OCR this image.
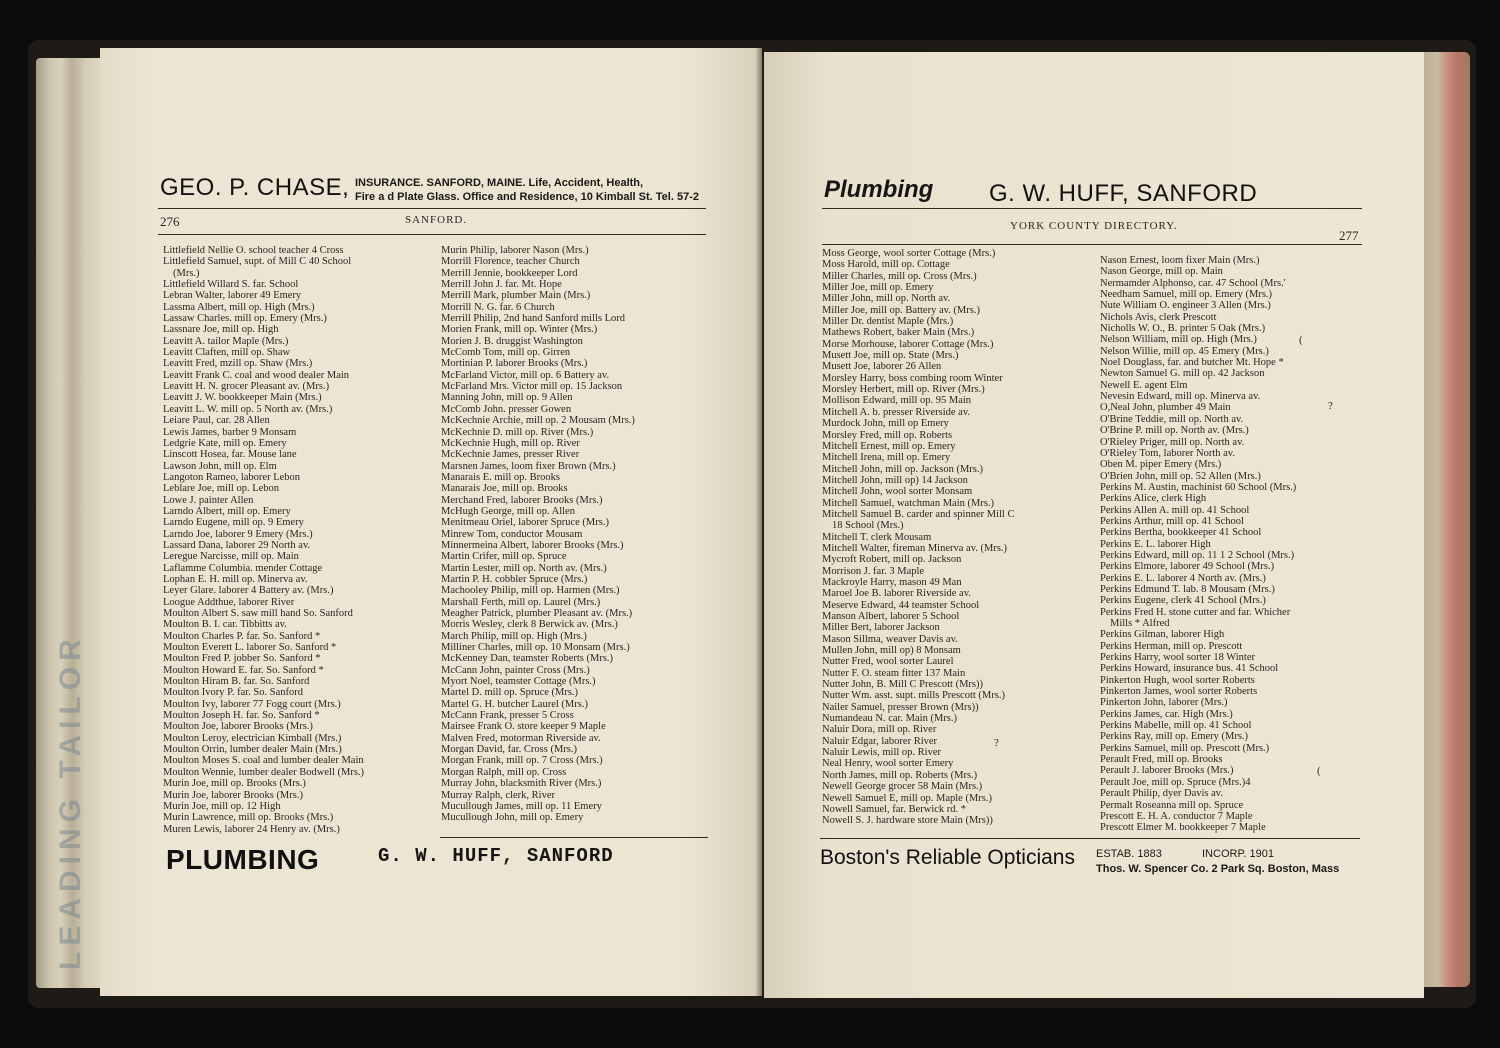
LEADING TAILOR
GEO. P. CHASE, INSURANCE. SANFORD, MAINE. Life, Accident, Health,
Fire a d Plate Glass. Office and Residence, 10 Kimball St. Tel. 57-2
276	SANFORD.
Littlefield Nellie O. school teacher 4 Cross
Littlefield Samuel, supt. of Mill C 40 School
(Mrs.)
Littlefield Willard S. far. School
Lebran Walter, laborer 49 Emery
Lassma Albert, mill op. High (Mrs.)
Lassaw Charles. mill op. Emery (Mrs.)
Lassnare Joe, mill op. High
Leavitt A. tailor Maple (Mrs.)
Leavitt Claften, mill op. Shaw
Leavitt Fred, mzill op. Shaw (Mrs.)
Leavitt Frank C. coal and wood dealer Main
Leavitt H. N. grocer Pleasant av. (Mrs.)
Leavitt J. W. bookkeeper Main (Mrs.)
Leavitt L. W. mill op. 5 North av. (Mrs.)
Leiare Paul, car. 28 Allen
Lewis James, barber 9 Monsam
Ledgrie Kate, mill op. Emery
Linscott Hosea, far. Mouse lane
Lawson John, mill op. Elm
Langoton Rameo, laborer Lebon
Leblare Joe, mill op. Lebon
Lowe J. painter Allen
Larndo Albert, mill op. Emery
Larndo Eugene, mill op. 9 Emery
Larndo Joe, laborer 9 Emery (Mrs.)
Lassard Dana, laborer 29 North av.
Leregue Narcisse, mill op. Main
Laflamme Columbia. mender Cottage
Lophan E. H. mill op. Minerva av.
Leyer Glare. laborer 4 Battery av. (Mrs.)
Loogue Addthue, laborer River
Moulton Albert S. saw mill hand So. Sanford
Moulton B. I. car. Tibbitts av.
Moulton Charles P. far. So. Sanford *
Moulton Everett L. laborer So. Sanford *
Moulton Fred P. jobber So. Sanford *
Moulton Howard E. far. So. Sanford *
Moulton Hiram B. far. So. Sanford
Moulton Ivory P. far. So. Sanford
Moulton Ivy, laborer 77 Fogg court (Mrs.)
Moulton Joseph H. far. So. Sanford *
Moulton Joe, laborer Brooks (Mrs.)
Moulton Leroy, electrician Kimball (Mrs.)
Moulton Orrin, lumber dealer Main (Mrs.)
Moulton Moses S. coal and lumber dealer Main
Moulton Wennie, lumber dealer Bodwell (Mrs.)
Murin Joe, mill op. Brooks (Mrs.)
Murin Joe, laborer Brooks (Mrs.)
Murin Joe, mill op. 12 High
Murin Lawrence, mill op. Brooks (Mrs.)
Muren Lewis, laborer 24 Henry av. (Mrs.)
Murin Philip, laborer Nason (Mrs.)
Morrill Florence, teacher Church
Merrill Jennie, bookkeeper Lord
Merrill John J. far. Mt. Hope
Merrill Mark, plumber Main (Mrs.)
Morrill N. G. far. 6 Church
Merrill Philip, 2nd hand Sanford mills Lord
Morien Frank, mill op. Winter (Mrs.)
Morien J. B. druggist Washington
McComb Tom, mill op. Girren
Mortinian P. laborer Brooks (Mrs.)
McFarland Victor, mill op. 6 Battery av.
McFarland Mrs. Victor mill op. 15 Jackson
Manning John, mill op. 9 Allen
McComb John. presser Gowen
McKechnie Archie, mill op. 2 Mousam (Mrs.)
McKechnie D. mill op. River (Mrs.)
McKechnie Hugh, mill op. River
McKechnie James, presser River
Marsnen James, loom fixer Brown (Mrs.)
Manarais E. mill op. Brooks
Manarais Joe, mill op. Brooks
Merchand Fred, laborer Brooks (Mrs.)
McHugh George, mill op. Allen
Menitmeau Oriel, laborer Spruce (Mrs.)
Minrew Tom, conductor Mousam
Minnermeina Albert, laborer Brooks (Mrs.)
Martin Crifer, mill op. Spruce
Martin Lester, mill op. North av. (Mrs.)
Martin P. H. cobbler Spruce (Mrs.)
Machooley Philip, mill op. Harmen (Mrs.)
Marshall Ferth, mill op. Laurel (Mrs.)
Meagher Patrick, plumber Pleasant av. (Mrs.)
Morris Wesley, clerk 8 Berwick av. (Mrs.)
March Philip, mill op. High (Mrs.)
Milliner Charles, mill op. 10 Monsam (Mrs.)
McKenney Dan, teamster Roberts (Mrs.)
McCann John, painter Cross (Mrs.)
Myort Noel, teamster Cottage (Mrs.)
Martel D. mill op. Spruce (Mrs.)
Martel G. H. butcher Laurel (Mrs.)
McCann Frank, presser 5 Cross
Mairsee Frank O. store keeper 9 Maple
Malven Fred, motorman Riverside av.
Morgan David, far. Cross (Mrs.)
Morgan Frank, mill op. 7 Cross (Mrs.)
Morgan Ralph, mill op. Cross
Murray John, blacksmith River (Mrs.)
Murray Ralph, clerk, River
Mucullough James, mill op. 11 Emery
Mucullough John, mill op. Emery
PLUMBING	G. W. HUFF, SANFORD
Plumbing G. W. HUFF, SANFORD
YORK COUNTY DIRECTORY.
277
Moss George, wool sorter Cottage (Mrs.)
Moss Harold, mill op. Cottage
Miller Charles, mill op. Cross (Mrs.)
Miller Joe, mill op. Emery
Miller John, mill op. North av.
Miller Joe, mill op. Battery av. (Mrs.)
Miller Dr. dentist Maple (Mrs.)
Mathews Robert, baker Main (Mrs.)
Morse Morhouse, laborer Cottage (Mrs.)
Musett Joe, mill op. State (Mrs.)
Musett Joe, laborer 26 Allen
Morsley Harry, boss combing room Winter
Morsley Herbert, mill op. River (Mrs.)
Mollison Edward, mill op. 95 Main
Mitchell A. b. presser Riverside av.
Murdock John, mill op Emery
Morsley Fred, mill op. Roberts
Mitchell Ernest, mill op. Emery
Mitchell Irena, mill op. Emery
Mitchell John, mill op. Jackson (Mrs.)
Mitchell John, mill op) 14 Jackson
Mitchell John, wool sorter Monsam
Mitchell Samuel, watchman Main (Mrs.)
Mitchell Samuel B. carder and spinner Mill C
18 School (Mrs.)
Mitchell T. clerk Mousam
Mitchell Walter, fireman Minerva av. (Mrs.)
Mycroft Robert, mill op. Jackson
Morrison J. far. 3 Maple
Mackroyle Harry, mason 49 Man
Maroel Joe B. laborer Riverside av.
Meserve Edward, 44 teamster School
Manson Albert, laborer 5 School
Miller Bert, laborer Jackson
Mason Sillma, weaver Davis av.
Mullen John, mill op) 8 Monsam
Nutter Fred, wool sorter Laurel
Nutter F. O. steam fitter 137 Main
Nutter John, B. Mill C Prescott (Mrs))
Nutter Wm. asst. supt. mills Prescott (Mrs.)
Nailer Samuel, presser Brown (Mrs))
Numandeau N. car. Main (Mrs.)
Naluir Dora, mill op. River
Naluir Edgar, laborer River
Naluir Lewis, mill op. River
Neal Henry, wool sorter Emery
North James, mill op. Roberts (Mrs.)
Newell George grocer 58 Main (Mrs.)
Newell Samuel E, mill op. Maple (Mrs.)
Nowell Samuel, far. Berwick rd. *
Nowell S. J. hardware store Main (Mrs))
Nason Ernest, loom fixer Main (Mrs.)
Nason George, mill op. Main
Nermamder Alphonso, car. 47 School (Mrs.'
Needham Samuel, mill op. Emery (Mrs.)
Nute William O. engineer 3 Allen (Mrs.)
Nichols Avis, clerk Prescott
Nicholls W. O., B. printer 5 Oak (Mrs.)
Nelson William, mill op. High (Mrs.)
Nelson Willie, mill op. 45 Emery (Mrs.)
Noel Douglass, far. and butcher Mt. Hope *
Newton Samuel G. mill op. 42 Jackson
Newell E. agent Elm
Nevesin Edward, mill op. Minerva av.
O,Neal John, plumber 49 Main
O'Brine Teddie, mill op. North av.
O'Brine P. mill op. North av. (Mrs.)
O'Rieley Priger, mill op. North av.
O'Rieley Tom, laborer North av.
Oben M. piper Emery (Mrs.)
O'Brien John, mill op. 52 Allen (Mrs.)
Perkins M. Austin, machinist 60 School (Mrs.)
Perkins Alice, clerk High
Perkins Allen A. mill op. 41 School
Perkins Arthur, mill op. 41 School
Perkins Bertha, bookkeeper 41 School
Perkins E. L. laborer High
Perkins Edward, mill op. 11 1 2 School (Mrs.)
Perkins Elmore, laborer 49 School (Mrs.)
Perkins E. L. laborer 4 North av. (Mrs.)
Perkins Edmund T. lab. 8 Mousam (Mrs.)
Perkins Eugene, clerk 41 School (Mrs.)
Perkins Fred H. stone cutter and far. Whicher
Mills * Alfred
Perkins Gilman, laborer High
Perkins Herman, mill op. Prescott
Perkins Harry, wool sorter 18 Winter
Perkins Howard, insurance bus. 41 School
Pinkerton Hugh, wool sorter Roberts
Pinkerton James, wool sorter Roberts
Pinkerton John, laborer (Mrs.)
Perkins James, car. High (Mrs.)
Perkins Mabelle, mill op. 41 School
Perkins Ray, mill op. Emery (Mrs.)
Perkins Samuel, mill op. Prescott (Mrs.)
Perault Fred, mill op. Brooks
Perault J. laborer Brooks (Mrs.)
Perault Joe, mill op. Spruce (Mrs.)4
Perault Philip, dyer Davis av.
Permalt Roseanna mill op. Spruce
Prescott E. H. A. conductor 7 Maple
Prescott Elmer M. bookkeeper 7 Maple
?
(
(
?
Boston's Reliable Opticians ESTAB. 1883	INCORP. 1901
Thos. W. Spencer Co. 2 Park Sq. Boston, Mass
